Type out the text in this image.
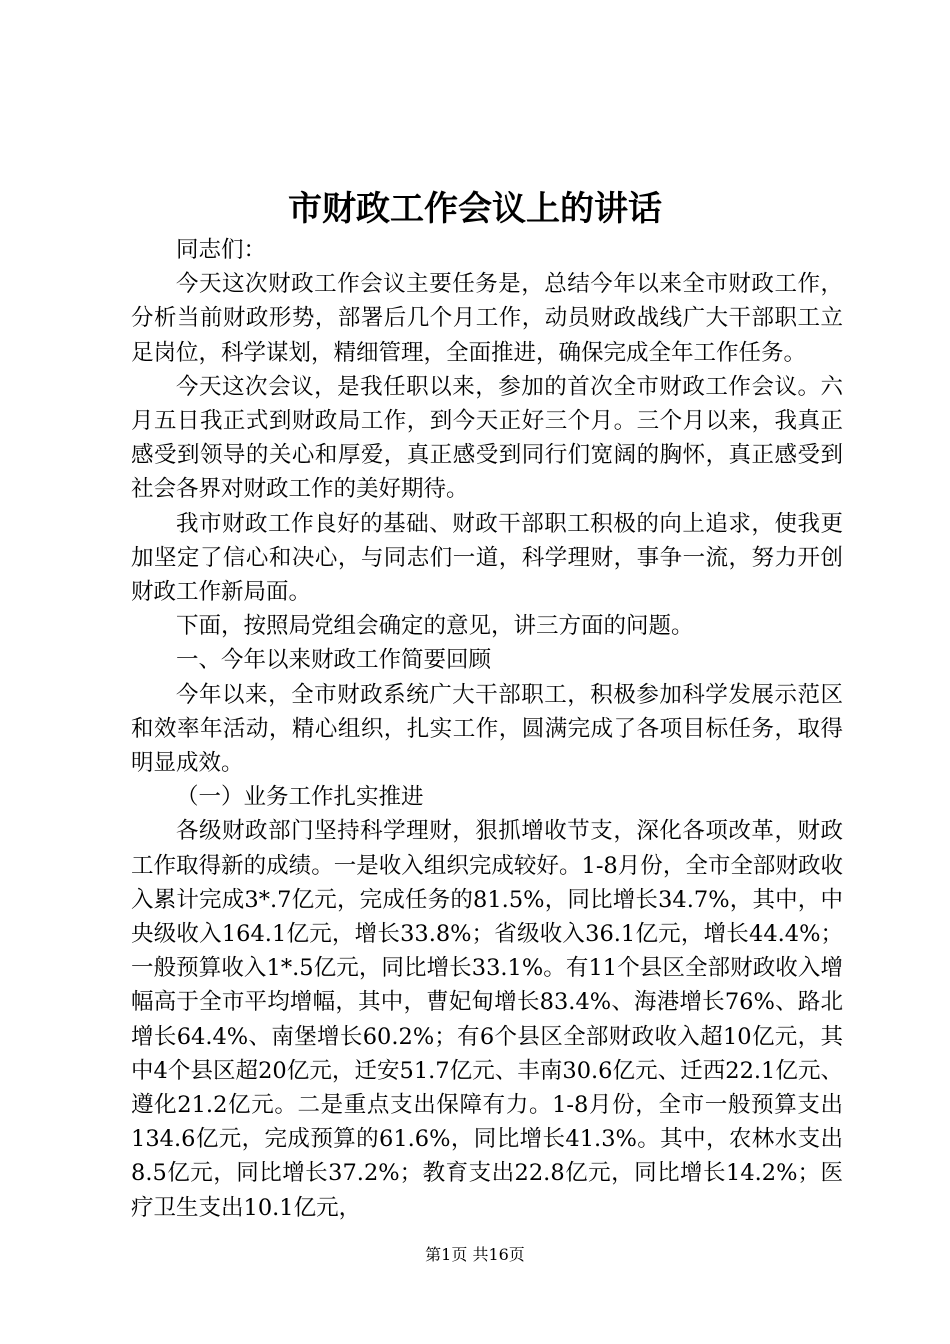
市财政工作会议上的讲话

同志们：

今天这次财政工作会议主要任务是，总结今年以来全市财政工作，分析当前财政形势，部署后几个月工作，动员财政战线广大干部职工立足岗位，科学谋划，精细管理，全面推进，确保完成全年工作任务。

今天这次会议，是我任职以来，参加的首次全市财政工作会议。六月五日我正式到财政局工作，到今天正好三个月。三个月以来，我真正感受到领导的关心和厚爱，真正感受到同行们宽阔的胸怀，真正感受到社会各界对财政工作的美好期待。

我市财政工作良好的基础、财政干部职工积极的向上追求，使我更加坚定了信心和决心，与同志们一道，科学理财，事争一流，努力开创财政工作新局面。

下面，按照局党组会确定的意见，讲三方面的问题。

一、今年以来财政工作简要回顾

今年以来，全市财政系统广大干部职工，积极参加科学发展示范区和效率年活动，精心组织，扎实工作，圆满完成了各项目标任务，取得明显成效。

（一）业务工作扎实推进

各级财政部门坚持科学理财，狠抓增收节支，深化各项改革，财政工作取得新的成绩。一是收入组织完成较好。1-8月份，全市全部财政收入累计完成3*.7亿元，完成任务的81.5%，同比增长34.7%，其中，中央级收入164.1亿元，增长33.8%；省级收入36.1亿元，增长44.4%；一般预算收入1*.5亿元，同比增长33.1%。有11个县区全部财政收入增幅高于全市平均增幅，其中，曹妃甸增长83.4%、海港增长76%、路北增长64.4%、南堡增长60.2%；有6个县区全部财政收入超10亿元，其中4个县区超20亿元，迁安51.7亿元、丰南30.6亿元、迁西22.1亿元、遵化21.2亿元。二是重点支出保障有力。1-8月份，全市一般预算支出134.6亿元，完成预算的61.6%，同比增长41.3%。其中，农林水支出8.5亿元，同比增长37.2%；教育支出22.8亿元，同比增长14.2%；医疗卫生支出10.1亿元，

第1页 共16页
